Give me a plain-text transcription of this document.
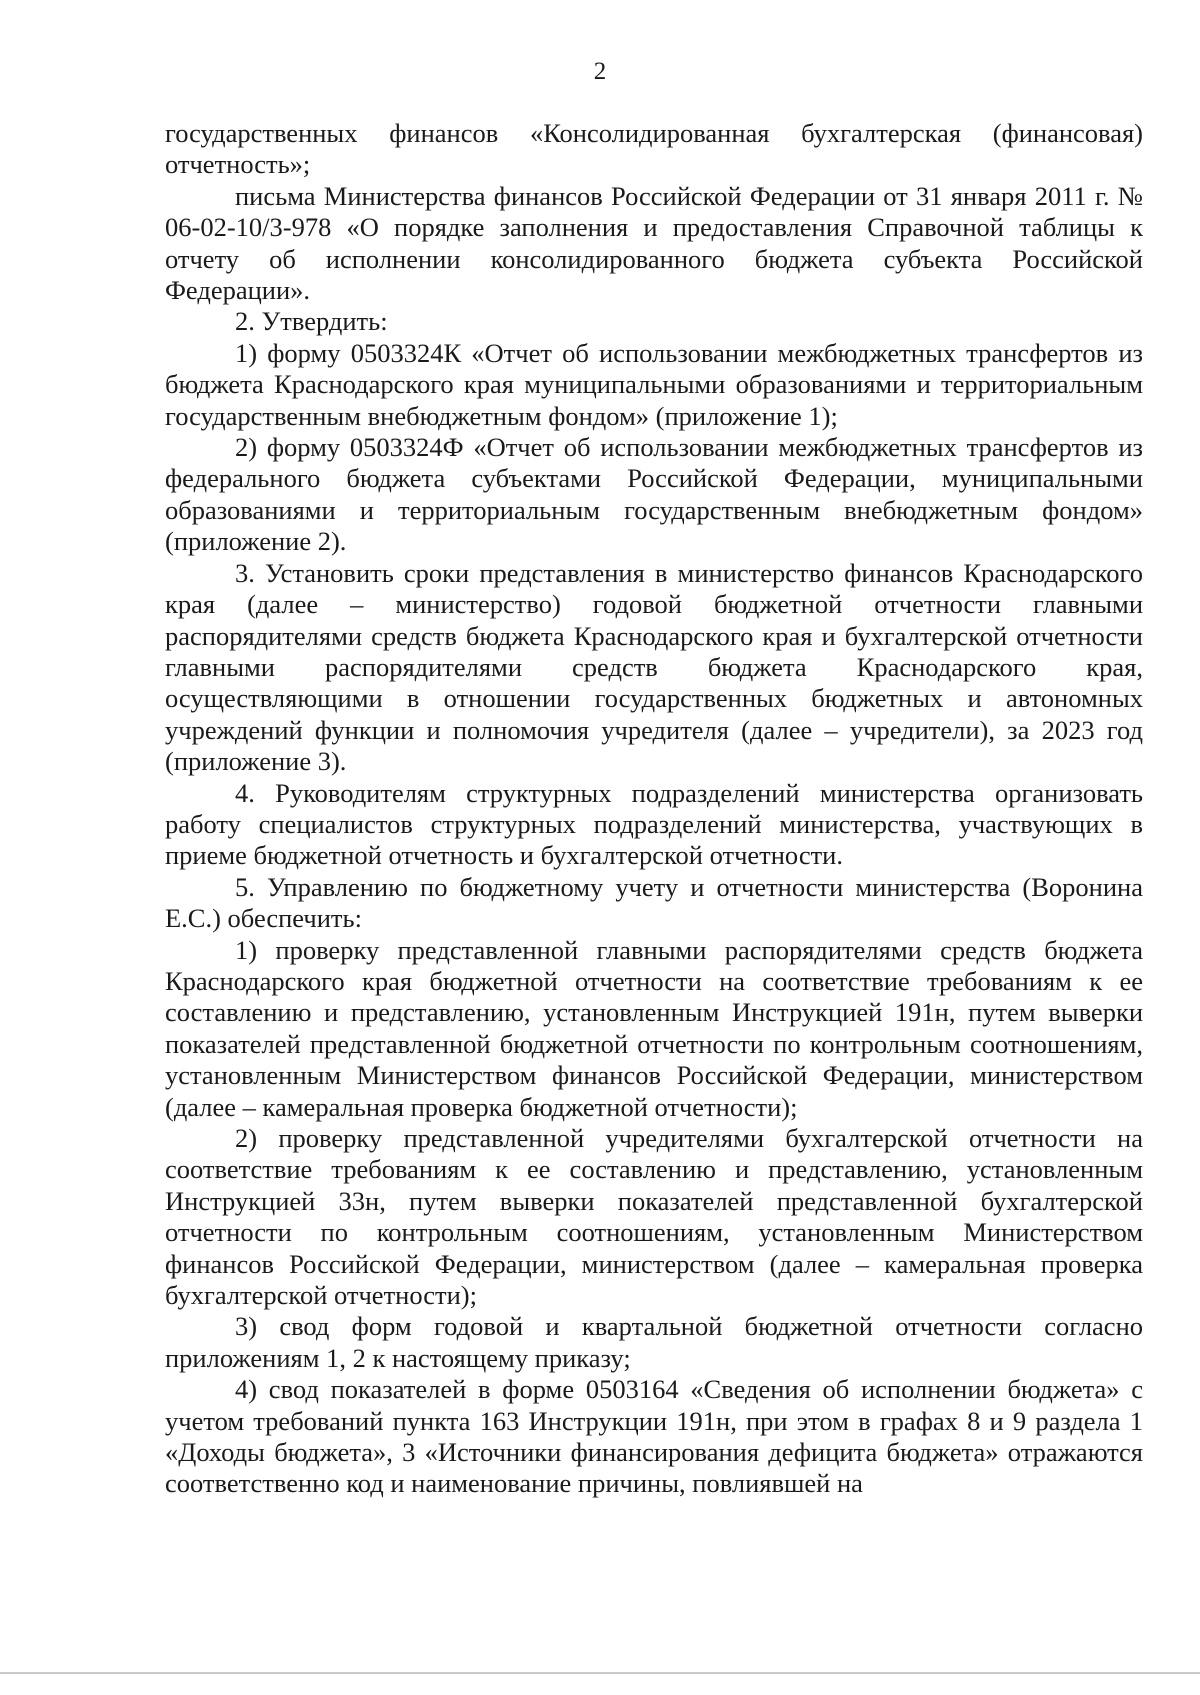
2

государственных финансов «Консолидированная бухгалтерская (финансовая) отчетность»;

письма Министерства финансов Российской Федерации от 31 января 2011 г. № 06-02-10/3-978 «О порядке заполнения и предоставления Справочной таблицы к отчету об исполнении консолидированного бюджета субъекта Российской Федерации».

2. Утвердить:

1) форму 0503324К «Отчет об использовании межбюджетных трансфертов из бюджета Краснодарского края муниципальными образованиями и территориальным государственным внебюджетным фондом» (приложение 1);

2) форму 0503324Ф «Отчет об использовании межбюджетных трансфертов из федерального бюджета субъектами Российской Федерации, муниципальными образованиями и территориальным государственным внебюджетным фондом» (приложение 2).

3. Установить сроки представления в министерство финансов Краснодарского края (далее – министерство) годовой бюджетной отчетности главными распорядителями средств бюджета Краснодарского края и бухгалтерской отчетности главными распорядителями средств бюджета Краснодарского края, осуществляющими в отношении государственных бюджетных и автономных учреждений функции и полномочия учредителя (далее – учредители), за 2023 год (приложение 3).

4. Руководителям структурных подразделений министерства организовать работу специалистов структурных подразделений министерства, участвующих в приеме бюджетной отчетность и бухгалтерской отчетности.

5. Управлению по бюджетному учету и отчетности министерства (Воронина Е.С.) обеспечить:

1) проверку представленной главными распорядителями средств бюджета Краснодарского края бюджетной отчетности на соответствие требованиям к ее составлению и представлению, установленным Инструкцией 191н, путем выверки показателей представленной бюджетной отчетности по контрольным соотношениям, установленным Министерством финансов Российской Федерации, министерством (далее – камеральная проверка бюджетной отчетности);

2) проверку представленной учредителями бухгалтерской отчетности на соответствие требованиям к ее составлению и представлению, установленным Инструкцией 33н, путем выверки показателей представленной бухгалтерской отчетности по контрольным соотношениям, установленным Министерством финансов Российской Федерации, министерством (далее – камеральная проверка бухгалтерской отчетности);

3) свод форм годовой и квартальной бюджетной отчетности согласно приложениям 1, 2 к настоящему приказу;

4) свод показателей в форме 0503164 «Сведения об исполнении бюджета» с учетом требований пункта 163 Инструкции 191н, при этом в графах 8 и 9 раздела 1 «Доходы бюджета», 3 «Источники финансирования дефицита бюджета» отражаются соответственно код и наименование причины, повлиявшей на
